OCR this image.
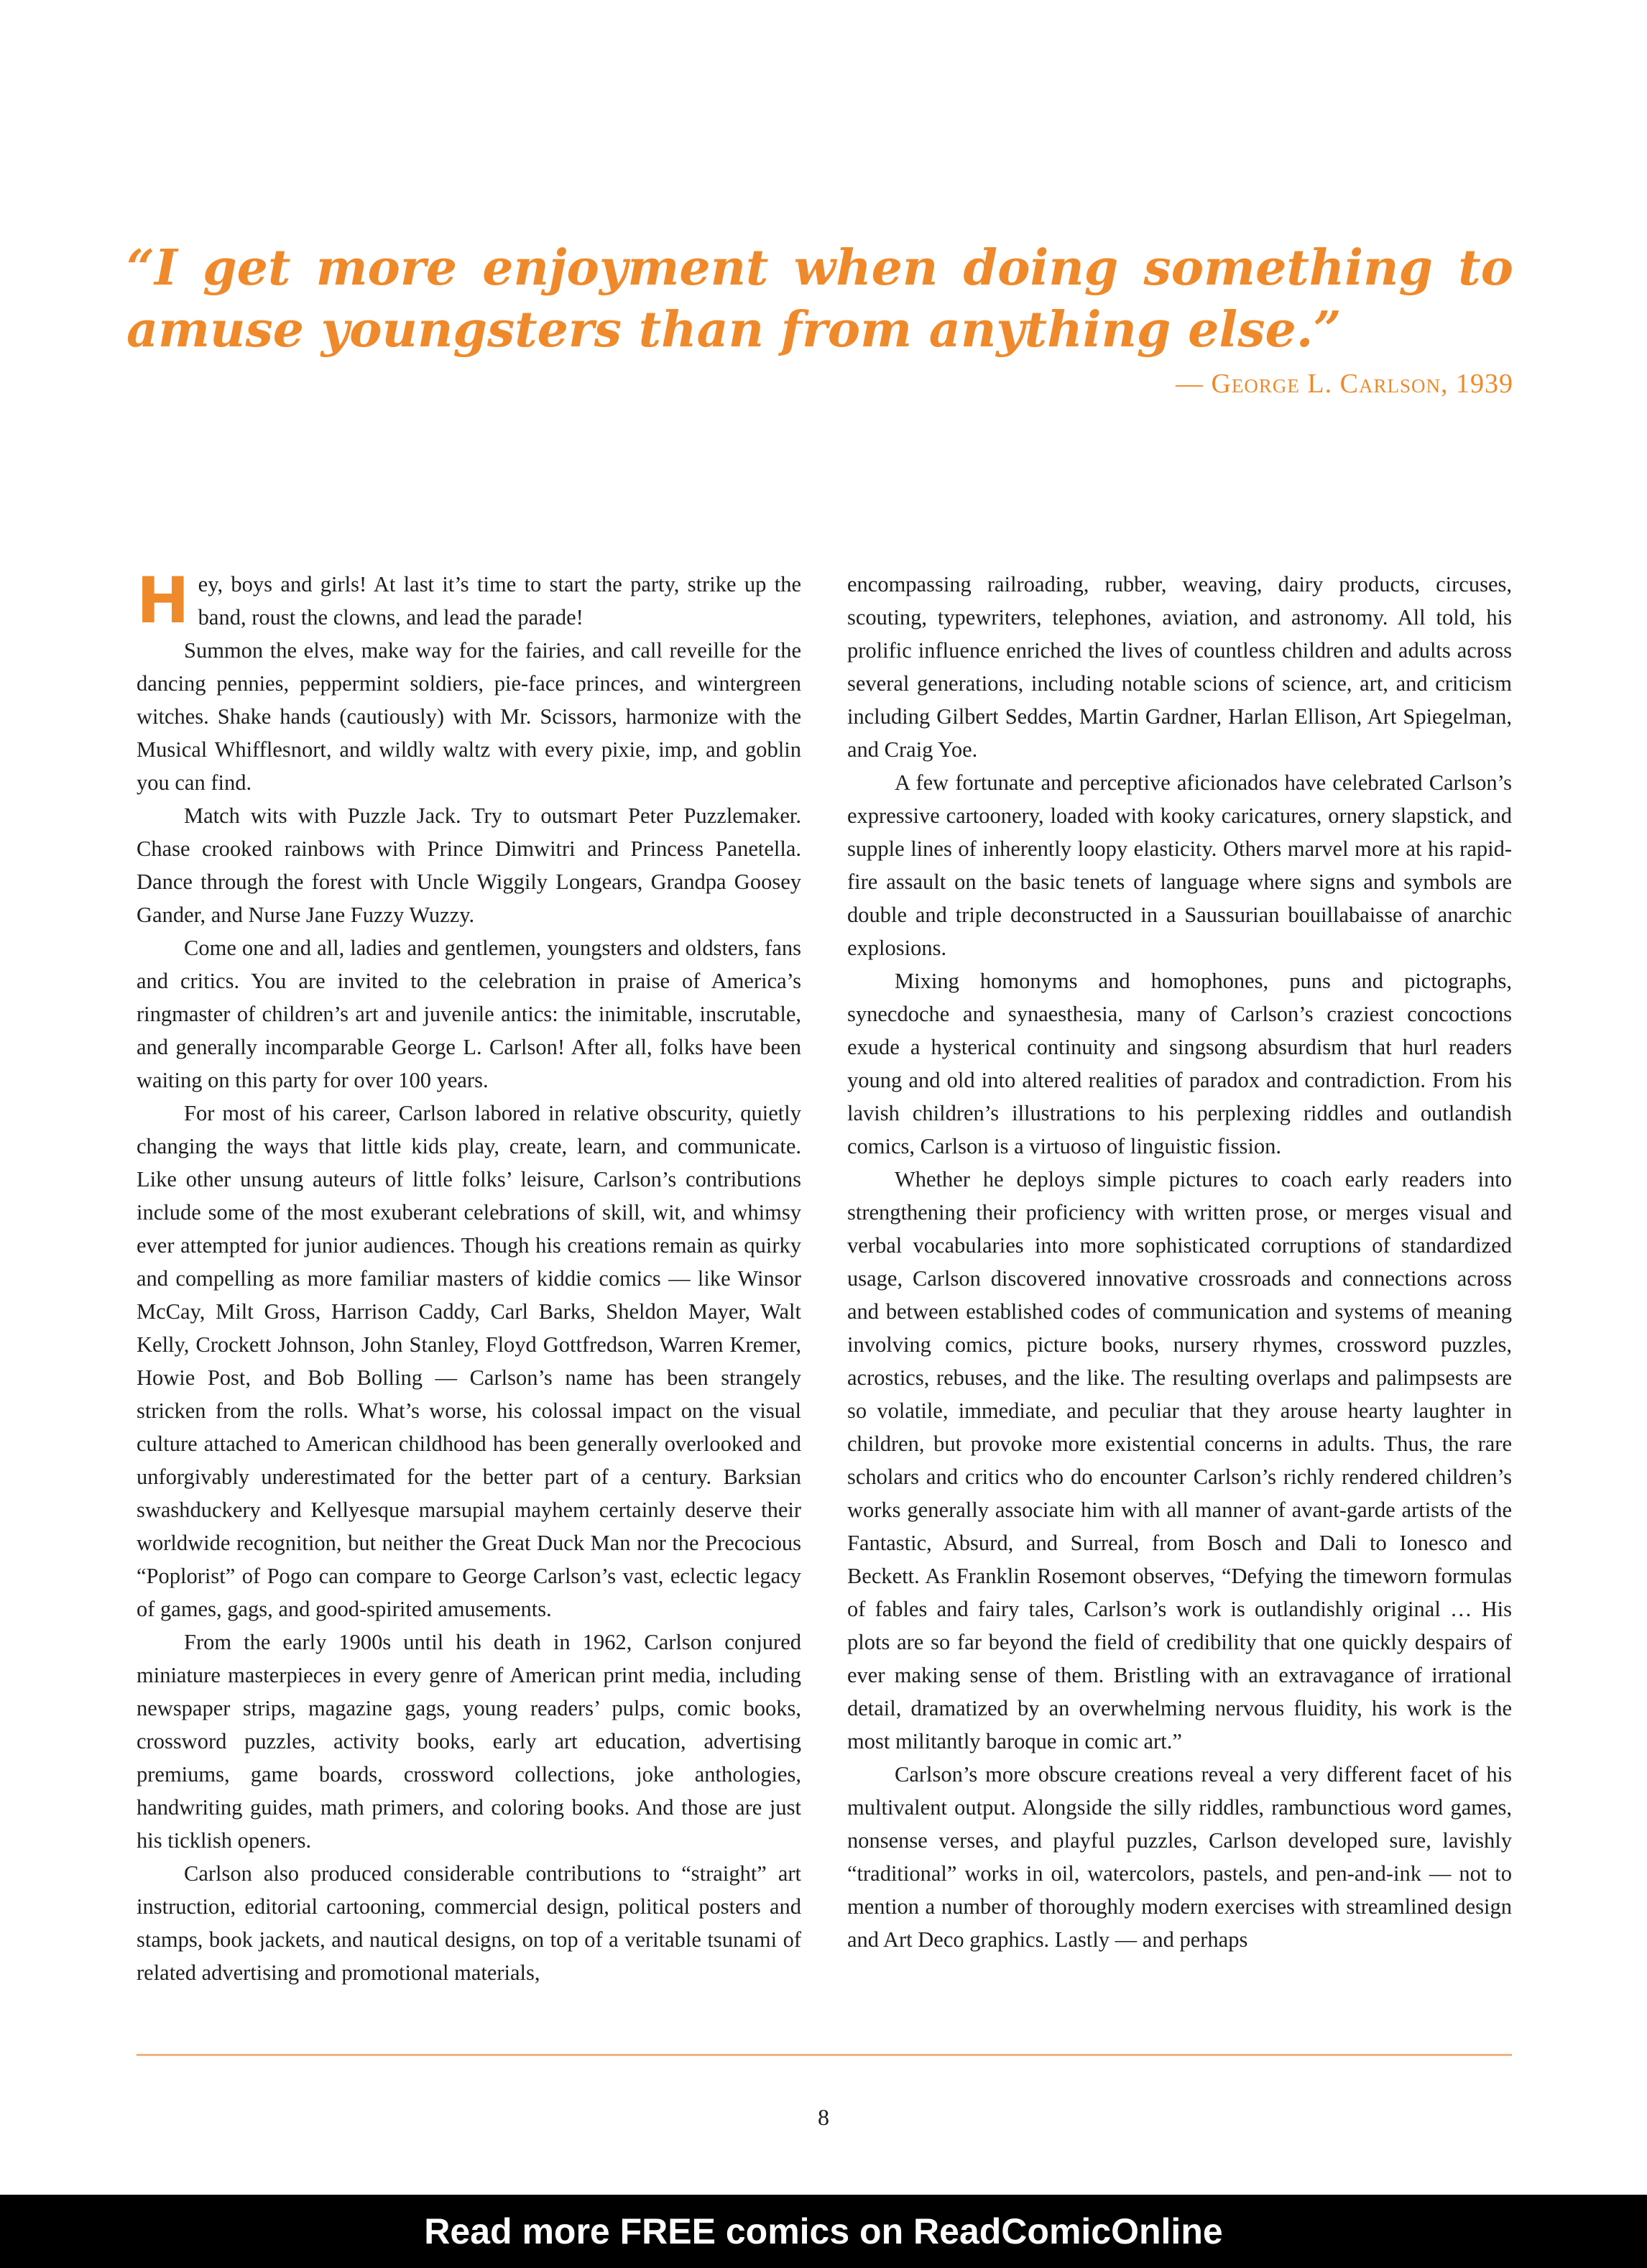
“I get more enjoyment when doing something to amuse youngsters than from anything else.”

— George L. Carlson, 1939

Hey, boys and girls! At last it’s time to start the party, strike up the band, roust the clowns, and lead the parade!

Summon the elves, make way for the fairies, and call reveille for the dancing pennies, peppermint soldiers, pie-face princes, and wintergreen witches. Shake hands (cautiously) with Mr. Scissors, harmonize with the Musical Whifflesnort, and wildly waltz with every pixie, imp, and goblin you can find.

Match wits with Puzzle Jack. Try to outsmart Peter Puzzlemaker. Chase crooked rainbows with Prince Dimwitri and Princess Panetella. Dance through the forest with Uncle Wiggily Longears, Grandpa Goosey Gander, and Nurse Jane Fuzzy Wuzzy.

Come one and all, ladies and gentlemen, youngsters and oldsters, fans and critics. You are invited to the celebration in praise of America’s ringmaster of children’s art and juvenile antics: the inimitable, inscrutable, and generally incomparable George L. Carlson! After all, folks have been waiting on this party for over 100 years.

For most of his career, Carlson labored in relative obscurity, quietly changing the ways that little kids play, create, learn, and communicate. Like other unsung auteurs of little folks’ leisure, Carlson’s contributions include some of the most exuberant celebrations of skill, wit, and whimsy ever attempted for junior audiences. Though his creations remain as quirky and compelling as more familiar masters of kiddie comics — like Winsor McCay, Milt Gross, Harrison Caddy, Carl Barks, Sheldon Mayer, Walt Kelly, Crockett Johnson, John Stanley, Floyd Gottfredson, Warren Kremer, Howie Post, and Bob Bolling — Carlson’s name has been strangely stricken from the rolls. What’s worse, his colossal impact on the visual culture attached to American childhood has been generally overlooked and unforgivably underestimated for the better part of a century. Barksian swashduckery and Kellyesque marsupial mayhem certainly deserve their worldwide recognition, but neither the Great Duck Man nor the Precocious “Poplorist” of Pogo can compare to George Carlson’s vast, eclectic legacy of games, gags, and good-spirited amusements.

From the early 1900s until his death in 1962, Carlson conjured miniature masterpieces in every genre of American print media, including newspaper strips, magazine gags, young readers’ pulps, comic books, crossword puzzles, activity books, early art education, advertising premiums, game boards, crossword collections, joke anthologies, handwriting guides, math primers, and coloring books. And those are just his ticklish openers.

Carlson also produced considerable contributions to “straight” art instruction, editorial cartooning, commercial design, political posters and stamps, book jackets, and nautical designs, on top of a veritable tsunami of related advertising and promotional materials,

encompassing railroading, rubber, weaving, dairy products, circuses, scouting, typewriters, telephones, aviation, and astronomy. All told, his prolific influence enriched the lives of countless children and adults across several generations, including notable scions of science, art, and criticism including Gilbert Seddes, Martin Gardner, Harlan Ellison, Art Spiegelman, and Craig Yoe.

A few fortunate and perceptive aficionados have celebrated Carlson’s expressive cartoonery, loaded with kooky caricatures, ornery slapstick, and supple lines of inherently loopy elasticity. Others marvel more at his rapid-fire assault on the basic tenets of language where signs and symbols are double and triple deconstructed in a Saussurian bouillabaisse of anarchic explosions.

Mixing homonyms and homophones, puns and pictographs, synecdoche and synaesthesia, many of Carlson’s craziest concoctions exude a hysterical continuity and singsong absurdism that hurl readers young and old into altered realities of paradox and contradiction. From his lavish children’s illustrations to his perplexing riddles and outlandish comics, Carlson is a virtuoso of linguistic fission.

Whether he deploys simple pictures to coach early readers into strengthening their proficiency with written prose, or merges visual and verbal vocabularies into more sophisticated corruptions of standardized usage, Carlson discovered innovative crossroads and connections across and between established codes of communication and systems of meaning involving comics, picture books, nursery rhymes, crossword puzzles, acrostics, rebuses, and the like. The resulting overlaps and palimpsests are so volatile, immediate, and peculiar that they arouse hearty laughter in children, but provoke more existential concerns in adults. Thus, the rare scholars and critics who do encounter Carlson’s richly rendered children’s works generally associate him with all manner of avant-garde artists of the Fantastic, Absurd, and Surreal, from Bosch and Dali to Ionesco and Beckett. As Franklin Rosemont observes, “Defying the timeworn formulas of fables and fairy tales, Carlson’s work is outlandishly original … His plots are so far beyond the field of credibility that one quickly despairs of ever making sense of them. Bristling with an extravagance of irrational detail, dramatized by an overwhelming nervous fluidity, his work is the most militantly baroque in comic art.”

Carlson’s more obscure creations reveal a very different facet of his multivalent output. Alongside the silly riddles, rambunctious word games, nonsense verses, and playful puzzles, Carlson developed sure, lavishly “traditional” works in oil, watercolors, pastels, and pen-and-ink — not to mention a number of thoroughly modern exercises with streamlined design and Art Deco graphics. Lastly — and perhaps

8
Read more FREE comics on ReadComicOnline
